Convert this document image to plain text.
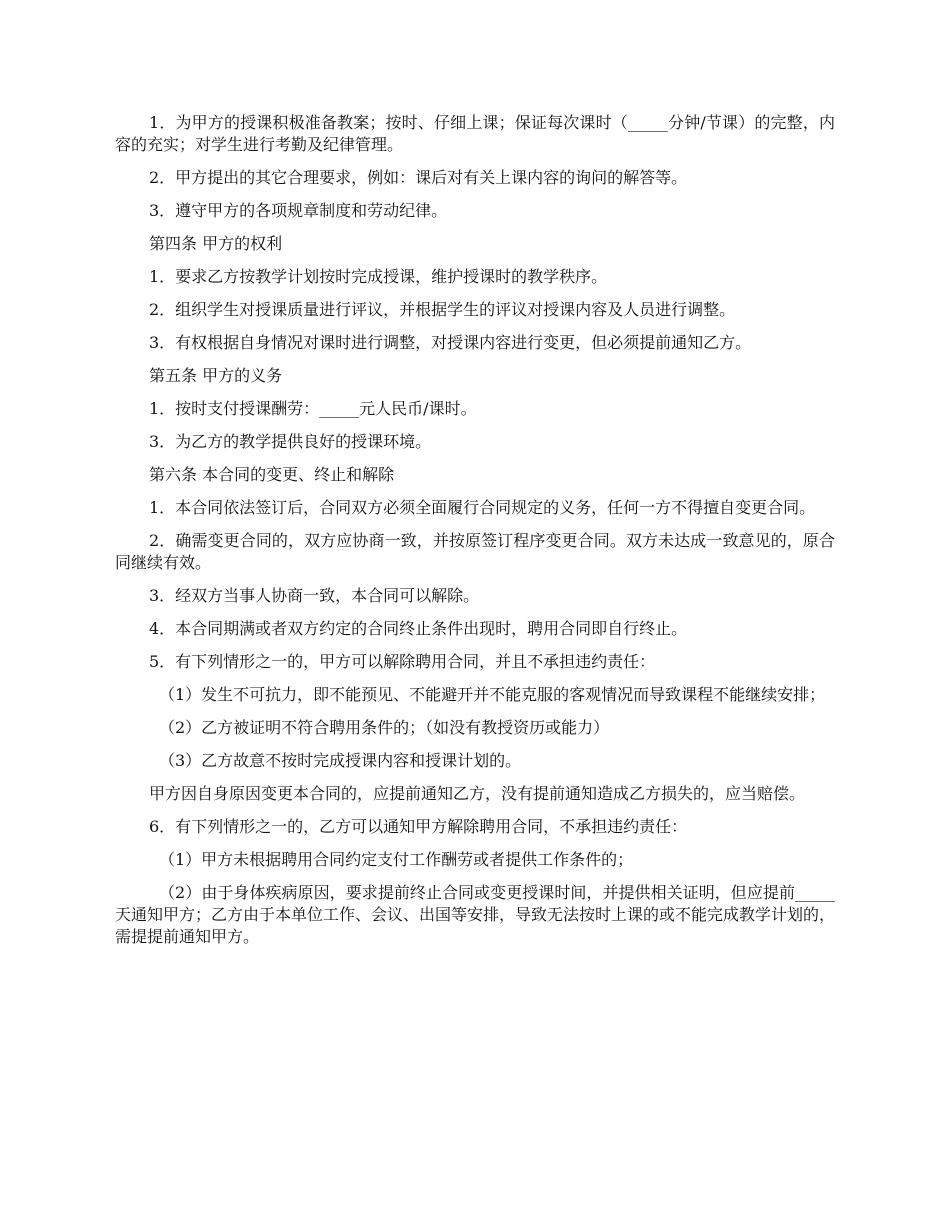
1．为甲方的授课积极准备教案；按时、仔细上课；保证每次课时（_____分钟/节课）的完整，内容的充实；对学生进行考勤及纪律管理。

2．甲方提出的其它合理要求，例如：课后对有关上课内容的询问的解答等。

3．遵守甲方的各项规章制度和劳动纪律。

第四条 甲方的权利

1．要求乙方按教学计划按时完成授课，维护授课时的教学秩序。

2．组织学生对授课质量进行评议，并根据学生的评议对授课内容及人员进行调整。

3．有权根据自身情况对课时进行调整，对授课内容进行变更，但必须提前通知乙方。

第五条 甲方的义务

1．按时支付授课酬劳：_____元人民币/课时。

3．为乙方的教学提供良好的授课环境。

第六条 本合同的变更、终止和解除

1．本合同依法签订后，合同双方必须全面履行合同规定的义务，任何一方不得擅自变更合同。

2．确需变更合同的，双方应协商一致，并按原签订程序变更合同。双方未达成一致意见的，原合同继续有效。

3．经双方当事人协商一致，本合同可以解除。

4．本合同期满或者双方约定的合同终止条件出现时，聘用合同即自行终止。

5．有下列情形之一的，甲方可以解除聘用合同，并且不承担违约责任：

（1）发生不可抗力，即不能预见、不能避开并不能克服的客观情况而导致课程不能继续安排；

（2）乙方被证明不符合聘用条件的；（如没有教授资历或能力）

（3）乙方故意不按时完成授课内容和授课计划的。

甲方因自身原因变更本合同的，应提前通知乙方，没有提前通知造成乙方损失的，应当赔偿。

6．有下列情形之一的，乙方可以通知甲方解除聘用合同，不承担违约责任：

（1）甲方未根据聘用合同约定支付工作酬劳或者提供工作条件的；

（2）由于身体疾病原因，要求提前终止合同或变更授课时间，并提供相关证明，但应提前_____天通知甲方；乙方由于本单位工作、会议、出国等安排，导致无法按时上课的或不能完成教学计划的，需提提前通知甲方。
